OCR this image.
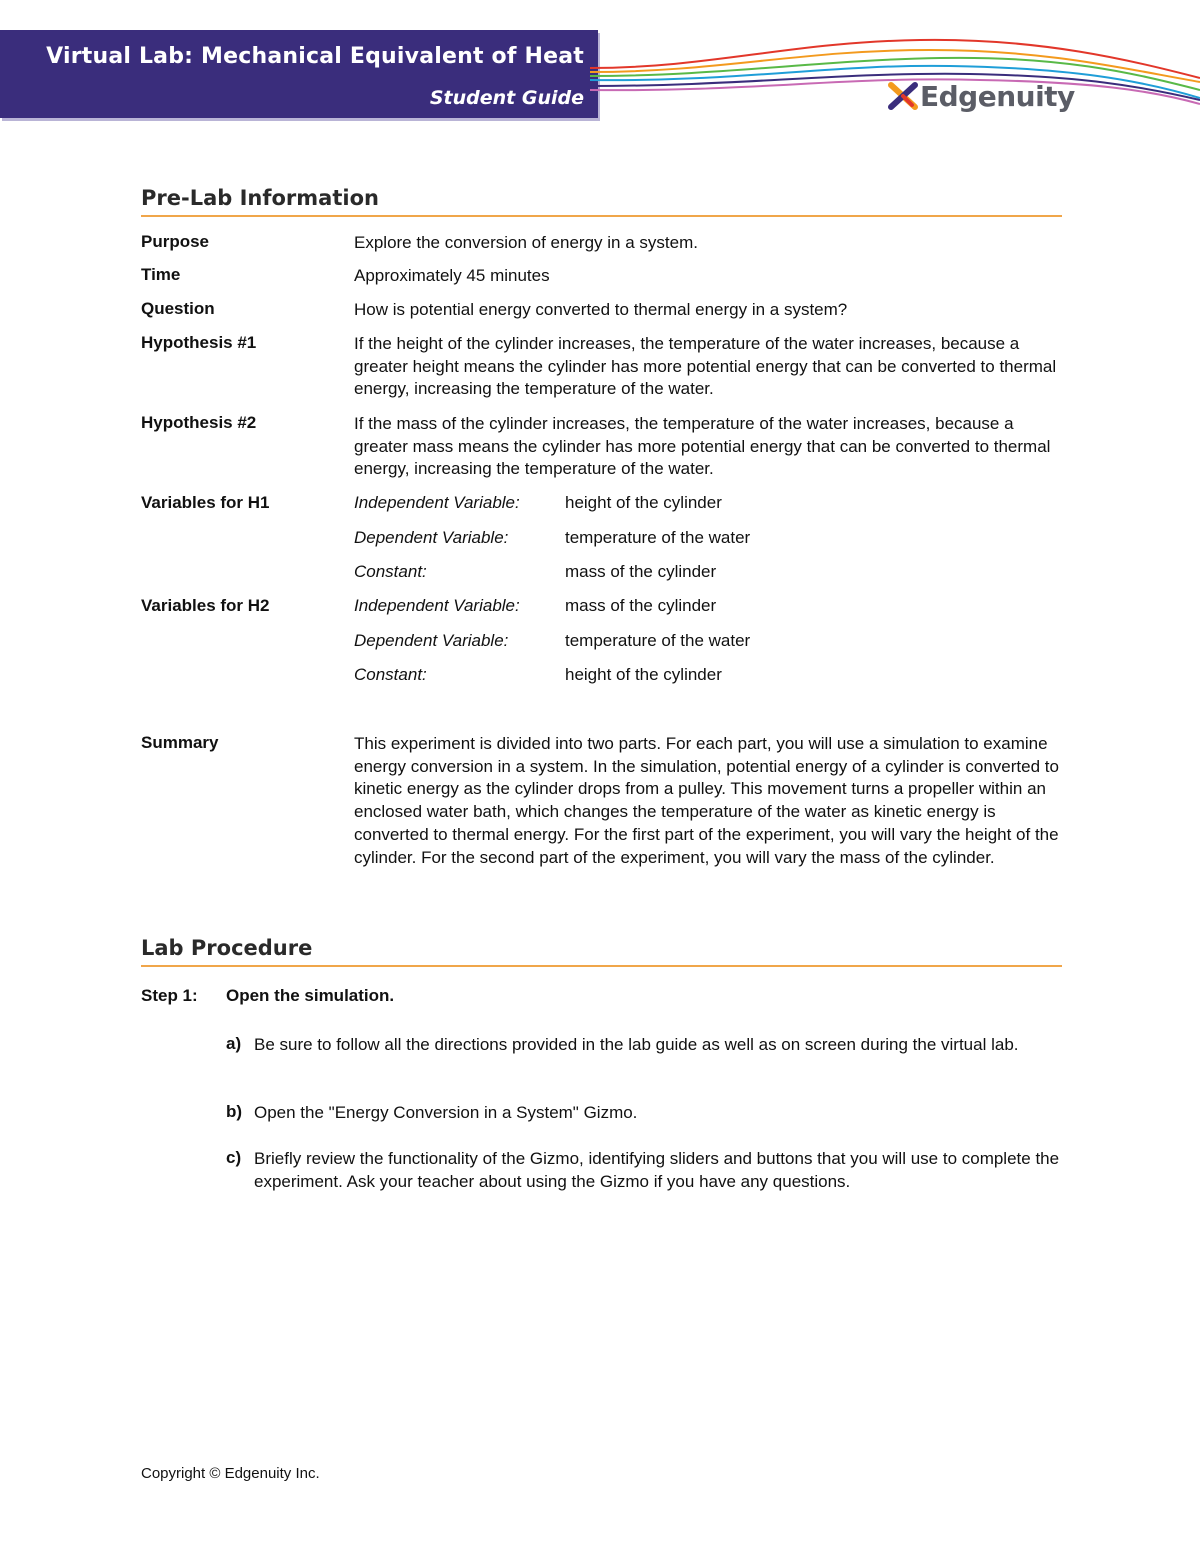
Virtual Lab: Mechanical Equivalent of Heat
Student Guide	Edgenuity
Pre-Lab Information
Purpose	Explore the conversion of energy in a system.
Time	Approximately 45 minutes
Question	How is potential energy converted to thermal energy in a system?
Hypothesis #1	If the height of the cylinder increases, the temperature of the water increases, because a greater height means the cylinder has more potential energy that can be converted to thermal energy, increasing the temperature of the water.
Hypothesis #2	If the mass of the cylinder increases, the temperature of the water increases, because a greater mass means the cylinder has more potential energy that can be converted to thermal energy, increasing the temperature of the water.
Variables for H1	Independent Variable:	height of the cylinder
Dependent Variable:	temperature of the water
Constant:	mass of the cylinder
Variables for H2	Independent Variable:	mass of the cylinder
Dependent Variable:	temperature of the water
Constant:	height of the cylinder
Summary	This experiment is divided into two parts. For each part, you will use a simulation to examine energy conversion in a system. In the simulation, potential energy of a cylinder is converted to kinetic energy as the cylinder drops from a pulley. This movement turns a propeller within an enclosed water bath, which changes the temperature of the water as kinetic energy is converted to thermal energy. For the first part of the experiment, you will vary the height of the cylinder. For the second part of the experiment, you will vary the mass of the cylinder.
Lab Procedure
Step 1: Open the simulation.
a) Be sure to follow all the directions provided in the lab guide as well as on screen during the virtual lab.
b) Open the "Energy Conversion in a System" Gizmo.
c) Briefly review the functionality of the Gizmo, identifying sliders and buttons that you will use to complete the experiment. Ask your teacher about using the Gizmo if you have any questions.
Copyright © Edgenuity Inc.
